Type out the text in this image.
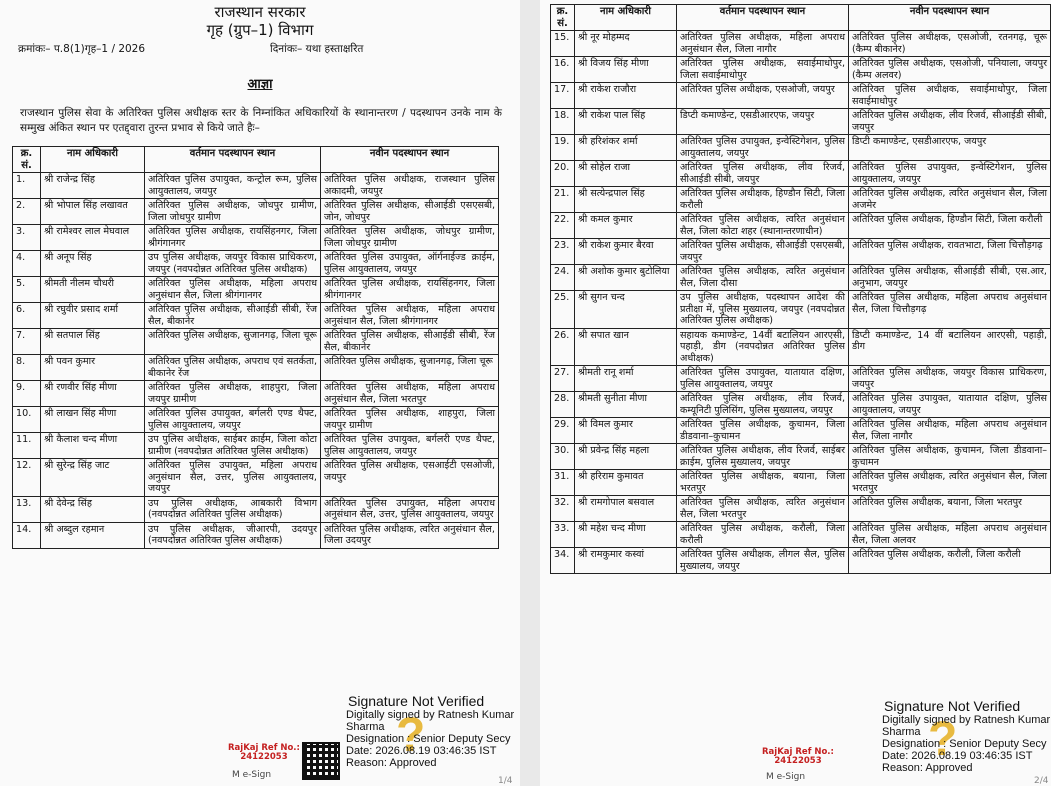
राजस्थान सरकार
गृह (ग्रुप–1) विभाग
क्रमांकः– प.8(1)गृह–1 / 2026	दिनांकः– यथा हस्ताक्षरित
आज्ञा
राजस्थान पुलिस सेवा के अतिरिक्त पुलिस अधीक्षक स्तर के निम्नांकित अधिकारियों के स्थानान्तरण / पदस्थापन उनके नाम के सम्मुख अंकित स्थान पर एतद्द्वारा तुरन्त प्रभाव से किये जाते हैः–
क्र. सं.	नाम अधिकारी	वर्तमान पदस्थापन स्थान	नवीन पदस्थापन स्थान
1.	श्री राजेन्द्र सिंह	अतिरिक्त पुलिस उपायुक्त, कन्ट्रोल रूम, पुलिस आयुक्तालय, जयपुर	अतिरिक्त पुलिस अधीक्षक, राजस्थान पुलिस अकादमी, जयपुर
2.	श्री भोपाल सिंह लखावत	अतिरिक्त पुलिस अधीक्षक, जोधपुर ग्रामीण, जिला जोधपुर ग्रामीण	अतिरिक्त पुलिस अधीक्षक, सीआईडी एसएसबी, जोन, जोधपुर
3.	श्री रामेश्वर लाल मेघवाल	अतिरिक्त पुलिस अधीक्षक, रायसिंहनगर, जिला श्रीगंगानगर	अतिरिक्त पुलिस अधीक्षक, जोधपुर ग्रामीण, जिला जोधपुर ग्रामीण
4.	श्री अनूप सिंह	उप पुलिस अधीक्षक, जयपुर विकास प्राधिकरण, जयपुर (नवपदोन्नत अतिरिक्त पुलिस अधीक्षक)	अतिरिक्त पुलिस उपायुक्त, ऑर्गनाईज्ड क्राईम, पुलिस आयुक्तालय, जयपुर
5.	श्रीमती नीलम चौधरी	अतिरिक्त पुलिस अधीक्षक, महिला अपराध अनुसंधान सैल, जिला श्रीगंगानगर	अतिरिक्त पुलिस अधीक्षक, रायसिंहनगर, जिला श्रीगंगानगर
6.	श्री रघुवीर प्रसाद शर्मा	अतिरिक्त पुलिस अधीक्षक, सीआईडी सीबी, रेंज सैल, बीकानेर	अतिरिक्त पुलिस अधीक्षक, महिला अपराध अनुसंधान सैल, जिला श्रीगंगानगर
7.	श्री सतपाल सिंह	अतिरिक्त पुलिस अधीक्षक, सुजानगढ़, जिला चूरू	अतिरिक्त पुलिस अधीक्षक, सीआईडी सीबी, रेंज सैल, बीकानेर
8.	श्री पवन कुमार	अतिरिक्त पुलिस अधीक्षक, अपराध एवं सतर्कता, बीकानेर रेंज	अतिरिक्त पुलिस अधीक्षक, सुजानगढ़, जिला चूरू
9.	श्री रणवीर सिंह मीणा	अतिरिक्त पुलिस अधीक्षक, शाहपुरा, जिला जयपुर ग्रामीण	अतिरिक्त पुलिस अधीक्षक, महिला अपराध अनुसंधान सैल, जिला भरतपुर
10.	श्री लाखन सिंह मीणा	अतिरिक्त पुलिस उपायुक्त, बर्गलरी एण्ड थैफ्ट, पुलिस आयुक्तालय, जयपुर	अतिरिक्त पुलिस अधीक्षक, शाहपुरा, जिला जयपुर ग्रामीण
11.	श्री कैलाश चन्द मीणा	उप पुलिस अधीक्षक, साईबर क्राईम, जिला कोटा ग्रामीण (नवपदोन्नत अतिरिक्त पुलिस अधीक्षक)	अतिरिक्त पुलिस उपायुक्त, बर्गलरी एण्ड थैफ्ट, पुलिस आयुक्तालय, जयपुर
12.	श्री सुरेन्द्र सिंह जाट	अतिरिक्त पुलिस उपायुक्त, महिला अपराध अनुसंधान सैल, उत्तर, पुलिस आयुक्तालय, जयपुर	अतिरिक्त पुलिस अधीक्षक, एसआईटी एसओजी, जयपुर
13.	श्री देवेन्द्र सिंह	उप पुलिस अधीक्षक, आबकारी विभाग (नवपदोन्नत अतिरिक्त पुलिस अधीक्षक)	अतिरिक्त पुलिस उपायुक्त, महिला अपराध अनुसंधान सैल, उत्तर, पुलिस आयुक्तालय, जयपुर
14.	श्री अब्दुल रहमान	उप पुलिस अधीक्षक, जीआरपी, उदयपुर (नवपदोन्नत अतिरिक्त पुलिस अधीक्षक)	अतिरिक्त पुलिस अधीक्षक, त्वरित अनुसंधान सैल, जिला उदयपुर
RajKaj Ref No.:
24122053
M e-Sign
?
Signature Not Verified
Digitally signed by Ratnesh Kumar
Sharma
Designation : Senior Deputy Secy
Date: 2026.08.19 03:46:35 IST
Reason: Approved
1/4
क्र. सं.	नाम अधिकारी	वर्तमान पदस्थापन स्थान	नवीन पदस्थापन स्थान
15.	श्री नूर मोहम्मद	अतिरिक्त पुलिस अधीक्षक, महिला अपराध अनुसंधान सैल, जिला नागौर	अतिरिक्त पुलिस अधीक्षक, एसओजी, रतनगढ़, चूरू (कैम्प बीकानेर)
16.	श्री विजय सिंह मीणा	अतिरिक्त पुलिस अधीक्षक, सवाईमाधोपुर, जिला सवाईमाधोपुर	अतिरिक्त पुलिस अधीक्षक, एसओजी, पनियाला, जयपुर (कैम्प अलवर)
17.	श्री राकेश राजौरा	अतिरिक्त पुलिस अधीक्षक, एसओजी, जयपुर	अतिरिक्त पुलिस अधीक्षक, सवाईमाधोपुर, जिला सवाईमाधोपुर
18.	श्री राकेश पाल सिंह	डिप्टी कमाण्डेन्ट, एसडीआरएफ, जयपुर	अतिरिक्त पुलिस अधीक्षक, लीव रिजर्व, सीआईडी सीबी, जयपुर
19.	श्री हरिशंकर शर्मा	अतिरिक्त पुलिस उपायुक्त, इन्वेस्टिगेशन, पुलिस आयुक्तालय, जयपुर	डिप्टी कमाण्डेन्ट, एसडीआरएफ, जयपुर
20.	श्री सोहेल राजा	अतिरिक्त पुलिस अधीक्षक, लीव रिजर्व, सीआईडी सीबी, जयपुर	अतिरिक्त पुलिस उपायुक्त, इन्वेस्टिगेशन, पुलिस आयुक्तालय, जयपुर
21.	श्री सत्येन्द्रपाल सिंह	अतिरिक्त पुलिस अधीक्षक, हिण्डौन सिटी, जिला करौली	अतिरिक्त पुलिस अधीक्षक, त्वरित अनुसंधान सैल, जिला अजमेर
22.	श्री कमल कुमार	अतिरिक्त पुलिस अधीक्षक, त्वरित अनुसंधान सैल, जिला कोटा शहर (स्थानान्तरणाधीन)	अतिरिक्त पुलिस अधीक्षक, हिण्डौन सिटी, जिला करौली
23.	श्री राकेश कुमार बैरवा	अतिरिक्त पुलिस अधीक्षक, सीआईडी एसएसबी, जयपुर	अतिरिक्त पुलिस अधीक्षक, रावतभाटा, जिला चित्तौड़गढ़
24.	श्री अशोक कुमार बुटोलिया	अतिरिक्त पुलिस अधीक्षक, त्वरित अनुसंधान सैल, जिला दौसा	अतिरिक्त पुलिस अधीक्षक, सीआईडी सीबी, एस.आर, अनुभाग, जयपुर
25.	श्री सुगन चन्द	उप पुलिस अधीक्षक, पदस्थापन आदेश की प्रतीक्षा में, पुलिस मुख्यालय, जयपुर (नवपदोन्नत अतिरिक्त पुलिस अधीक्षक)	अतिरिक्त पुलिस अधीक्षक, महिला अपराध अनुसंधान सैल, जिला चित्तौड़गढ़
26.	श्री सपात खान	सहायक कमाण्डेन्ट, 14वीं बटालियन आरएसी, पहाड़ी, डीग (नवपदोन्नत अतिरिक्त पुलिस अधीक्षक)	डिप्टी कमाण्डेन्ट, 14 वीं बटालियन आरएसी, पहाड़ी, डीग
27.	श्रीमती रानू शर्मा	अतिरिक्त पुलिस उपायुक्त, यातायात दक्षिण, पुलिस आयुक्तालय, जयपुर	अतिरिक्त पुलिस अधीक्षक, जयपुर विकास प्राधिकरण, जयपुर
28.	श्रीमती सुनीता मीणा	अतिरिक्त पुलिस अधीक्षक, लीव रिजर्व, कम्यूनिटी पुलिसिंग, पुलिस मुख्यालय, जयपुर	अतिरिक्त पुलिस उपायुक्त, यातायात दक्षिण, पुलिस आयुक्तालय, जयपुर
29.	श्री विमल कुमार	अतिरिक्त पुलिस अधीक्षक, कुचामन, जिला डीडवाना–कुचामन	अतिरिक्त पुलिस अधीक्षक, महिला अपराध अनुसंधान सैल, जिला नागौर
30.	श्री प्रवेन्द्र सिंह महला	अतिरिक्त पुलिस अधीक्षक, लीव रिजर्व, साईबर क्राईम, पुलिस मुख्यालय, जयपुर	अतिरिक्त पुलिस अधीक्षक, कुचामन, जिला डीडवाना–कुचामन
31.	श्री हरिराम कुमावत	अतिरिक्त पुलिस अधीक्षक, बयाना, जिला भरतपुर	अतिरिक्त पुलिस अधीक्षक, त्वरित अनुसंधान सैल, जिला भरतपुर
32.	श्री रामगोपाल बसवाल	अतिरिक्त पुलिस अधीक्षक, त्वरित अनुसंधान सैल, जिला भरतपुर	अतिरिक्त पुलिस अधीक्षक, बयाना, जिला भरतपुर
33.	श्री महेश चन्द मीणा	अतिरिक्त पुलिस अधीक्षक, करौली, जिला करौली	अतिरिक्त पुलिस अधीक्षक, महिला अपराध अनुसंधान सैल, जिला अलवर
34.	श्री रामकुमार कस्वां	अतिरिक्त पुलिस अधीक्षक, लीगल सैल, पुलिस मुख्यालय, जयपुर	अतिरिक्त पुलिस अधीक्षक, करौली, जिला करौली
RajKaj Ref No.:
24122053
M e-Sign
?
Signature Not Verified
Digitally signed by Ratnesh Kumar
Sharma
Designation : Senior Deputy Secy
Date: 2026.08.19 03:46:35 IST
Reason: Approved
2/4
